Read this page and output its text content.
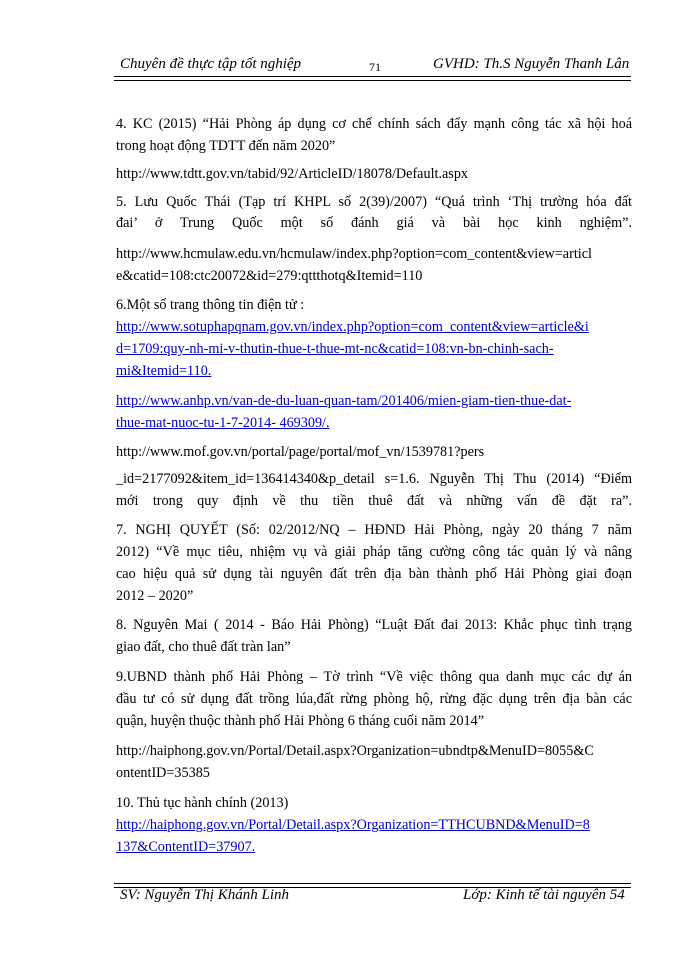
Chuyên đề thực tập tốt nghiệp	71	GVHD: Th.S Nguyễn Thanh Lân
4. KC (2015) “Hải Phòng áp dụng cơ chế chính sách đẩy mạnh công tác xã hội hoá
trong hoạt động TDTT đến năm 2020”
http://www.tdtt.gov.vn/tabid/92/ArticleID/18078/Default.aspx
5. Lưu Quốc Thái (Tạp trí KHPL số 2(39)/2007) “Quá trình ‘Thị trường hóa đất
đai’ ở Trung Quốc một số đánh giá và bài học kinh nghiệm”.
http://www.hcmulaw.edu.vn/hcmulaw/index.php?option=com_content&view=articl
e&catid=108:ctc20072&id=279:qttthotq&Itemid=110
6.Một số trang thông tin điện tử :
http://www.sotuphapqnam.gov.vn/index.php?option=com_content&view=article&i
d=1709:quy-nh-mi-v-thutin-thue-t-thue-mt-nc&catid=108:vn-bn-chinh-sach-
mi&Itemid=110.
http://www.anhp.vn/van-de-du-luan-quan-tam/201406/mien-giam-tien-thue-dat-
thue-mat-nuoc-tu-1-7-2014- 469309/.
http://www.mof.gov.vn/portal/page/portal/mof_vn/1539781?pers
_id=2177092&item_id=136414340&p_detail s=1.6. Nguyễn Thị Thu (2014) “Điểm
mới trong quy định về thu tiền thuê đất và những vấn đề đặt ra”.
7. NGHỊ QUYẾT (Số: 02/2012/NQ – HĐND Hải Phòng, ngày 20 tháng 7 năm
2012) “Về mục tiêu, nhiệm vụ và giải pháp tăng cường công tác quản lý và nâng
cao hiệu quả sử dụng tài nguyên đất trên địa bàn thành phố Hải Phòng giai đoạn
2012 – 2020”
8. Nguyên Mai ( 2014 - Báo Hải Phòng) “Luật Đất đai 2013: Khắc phục tình trạng
giao đất, cho thuê đất tràn lan”
9.UBND thành phố Hải Phòng – Tờ trình “Về việc thông qua danh mục các dự án
đầu tư có sử dụng đất trồng lúa,đất rừng phòng hộ, rừng đặc dụng trên địa bàn các
quận, huyện thuộc thành phố Hải Phòng 6 tháng cuối năm 2014”
http://haiphong.gov.vn/Portal/Detail.aspx?Organization=ubndtp&MenuID=8055&C
ontentID=35385
10. Thủ tục hành chính (2013)
http://haiphong.gov.vn/Portal/Detail.aspx?Organization=TTHCUBND&MenuID=8
137&ContentID=37907.
SV: Nguyễn Thị Khánh Linh	Lớp: Kinh tế tài nguyên 54
